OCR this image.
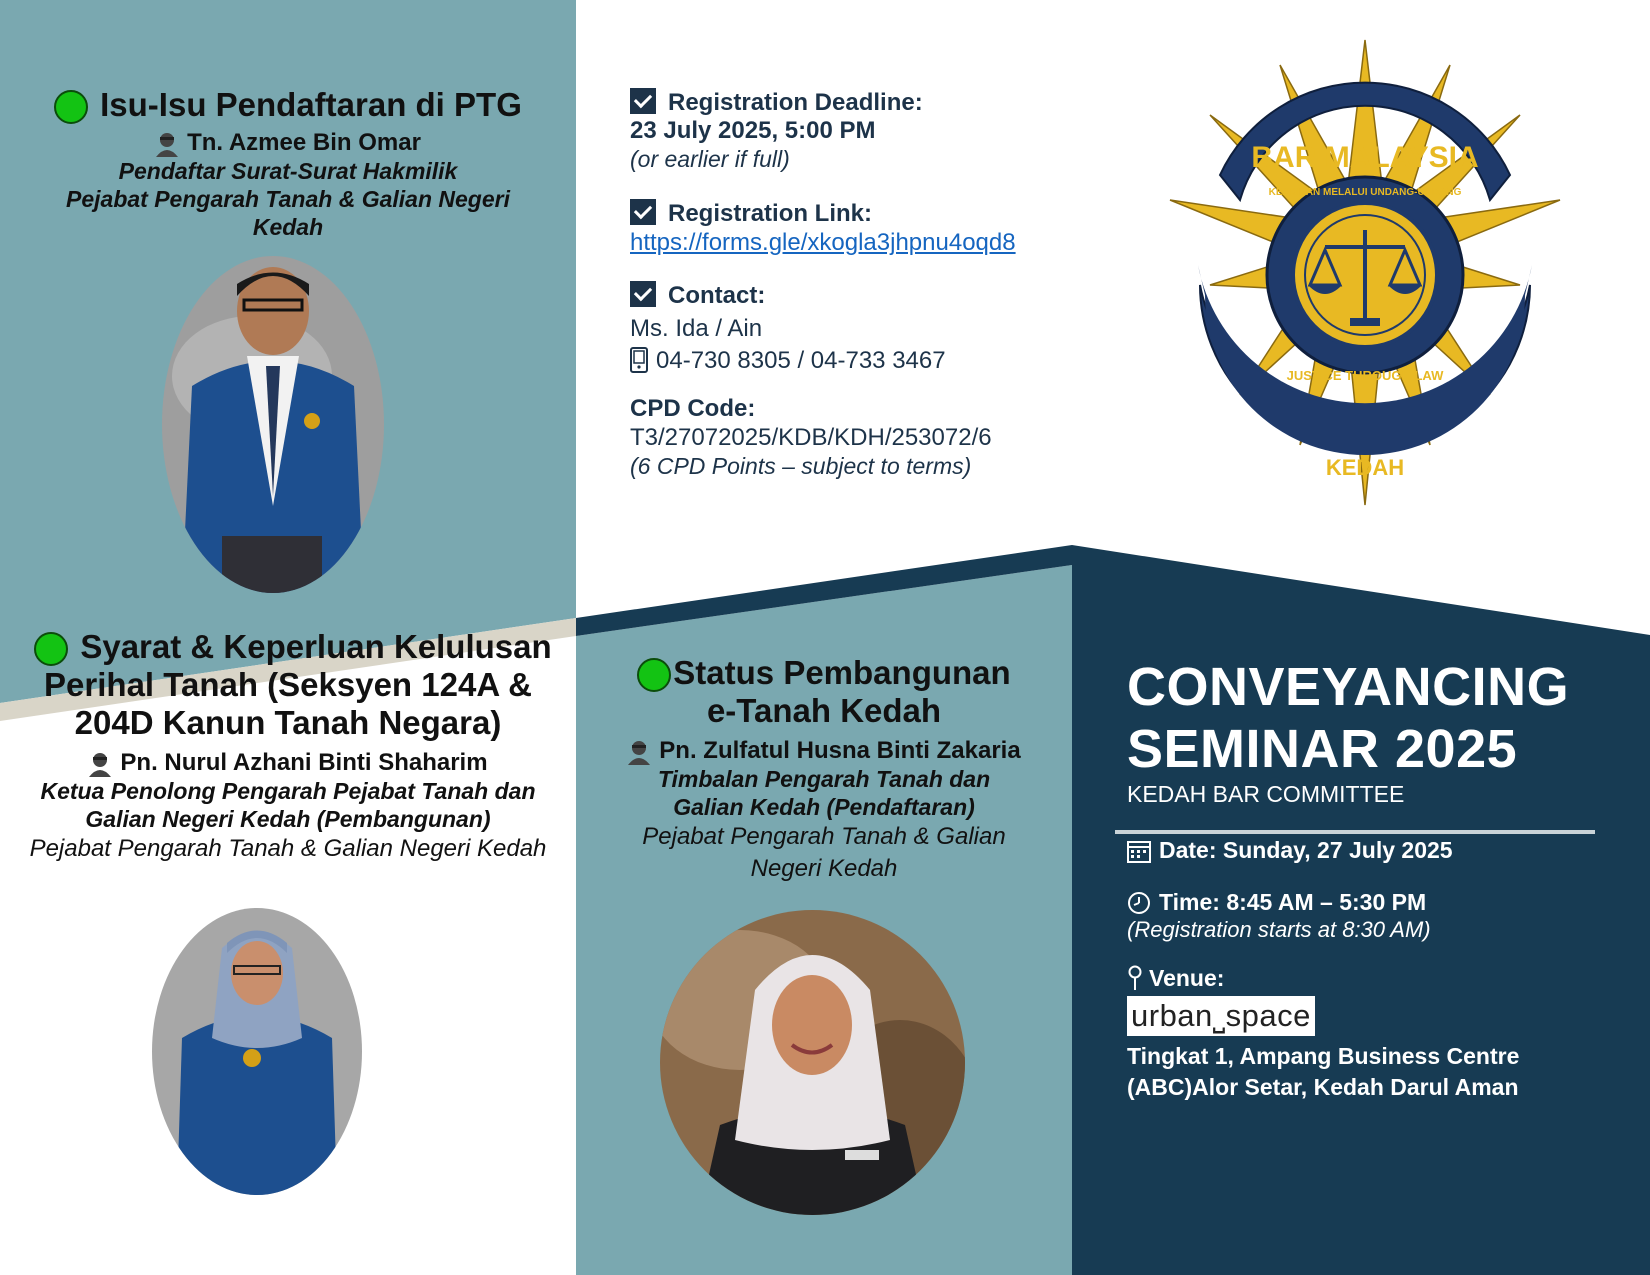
Isu-Isu Pendaftaran di PTG
Tn. Azmee Bin Omar
Pendaftar Surat-Surat Hakmilik
Pejabat Pengarah Tanah & Galian Negeri
Kedah
Syarat & Keperluan Kelulusan
Perihal Tanah (Seksyen 124A &
204D Kanun Tanah Negara)
Pn. Nurul Azhani Binti Shaharim
Ketua Penolong Pengarah Pejabat Tanah dan
Galian Negeri Kedah (Pembangunan)
Pejabat Pengarah Tanah & Galian Negeri Kedah
Status Pembangunan
e-Tanah Kedah
Pn. Zulfatul Husna Binti Zakaria
Timbalan Pengarah Tanah dan
Galian Kedah (Pendaftaran)
Pejabat Pengarah Tanah & Galian
Negeri Kedah
Registration Deadline:
23 July 2025, 5:00 PM
(or earlier if full)
Registration Link:
https://forms.gle/xkogla3jhpnu4oqd8
Contact:
Ms. Ida / Ain
04-730 8305 / 04-733 3467
CPD Code:
T3/27072025/KDB/KDH/253072/6
(6 CPD Points – subject to terms)
BAR MALAYSIA
KEDAH
JUSTICE THROUGH LAW
KEADILAN MELALUI UNDANG-UNDANG
CONVEYANCING
SEMINAR 2025
KEDAH BAR COMMITTEE
Date: Sunday, 27 July 2025
Time: 8:45 AM – 5:30 PM
(Registration starts at 8:30 AM)
Venue:
urban⎵space
Tingkat 1, Ampang Business Centre
(ABC)Alor Setar, Kedah Darul Aman
